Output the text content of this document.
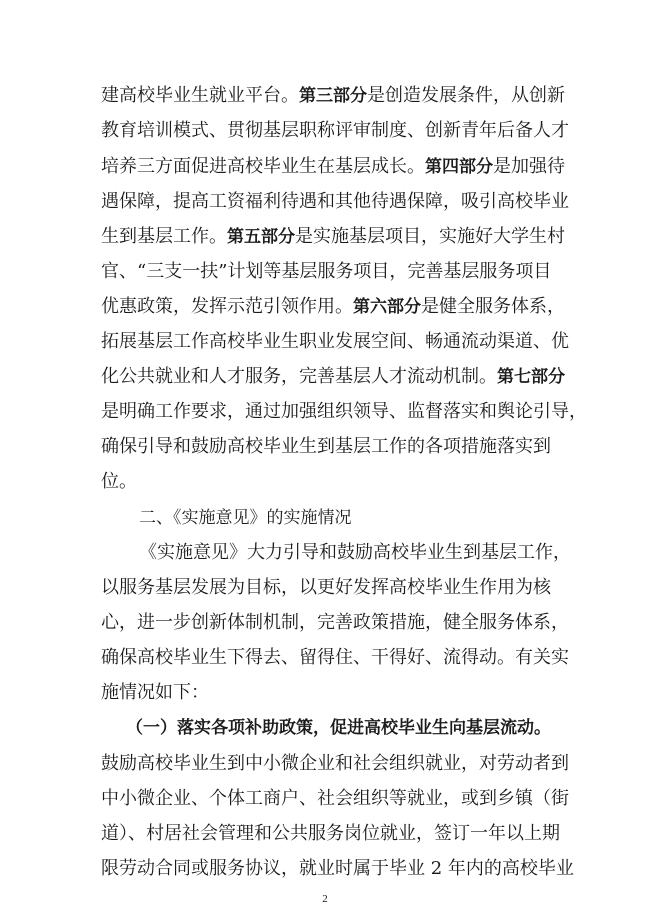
建高校毕业生就业平台。第三部分是创造发展条件，从创新
教育培训模式、贯彻基层职称评审制度、创新青年后备人才
培养三方面促进高校毕业生在基层成长。第四部分是加强待
遇保障，提高工资福利待遇和其他待遇保障，吸引高校毕业
生到基层工作。第五部分是实施基层项目，实施好大学生村
官、“三支一扶”计划等基层服务项目，完善基层服务项目
优惠政策，发挥示范引领作用。第六部分是健全服务体系，
拓展基层工作高校毕业生职业发展空间、畅通流动渠道、优
化公共就业和人才服务，完善基层人才流动机制。第七部分
是明确工作要求，通过加强组织领导、监督落实和舆论引导，
确保引导和鼓励高校毕业生到基层工作的各项措施落实到
位。
二、《实施意见》的实施情况
《实施意见》大力引导和鼓励高校毕业生到基层工作，
以服务基层发展为目标，以更好发挥高校毕业生作用为核
心，进一步创新体制机制，完善政策措施，健全服务体系，
确保高校毕业生下得去、留得住、干得好、流得动。有关实
施情况如下：
（一）落实各项补助政策，促进高校毕业生向基层流动。
鼓励高校毕业生到中小微企业和社会组织就业，对劳动者到
中小微企业、个体工商户、社会组织等就业，或到乡镇（街
道）、村居社会管理和公共服务岗位就业，签订一年以上期
限劳动合同或服务协议，就业时属于毕业 2 年内的高校毕业
2
